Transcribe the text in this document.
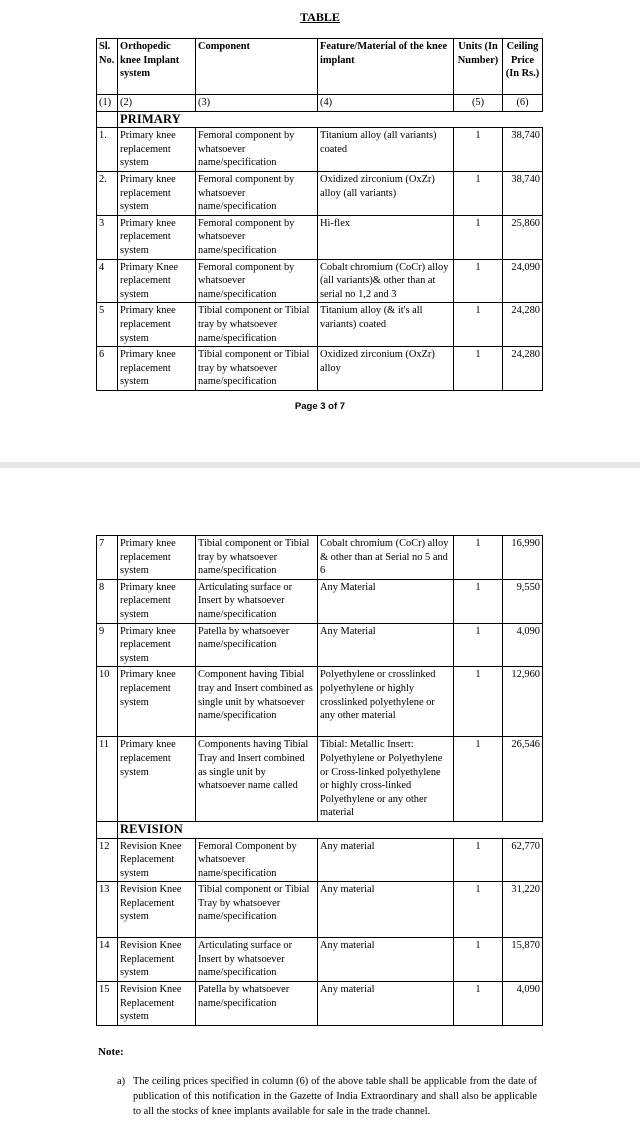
TABLE
Sl. No.	Orthopedic knee Implant system	Component	Feature/Material of the knee implant	Units (In Number)	Ceiling Price (In Rs.)
(1)	(2)	(3)	(4)	(5)	(6)
	PRIMARY				
1.	Primary knee replacement system	Femoral component by whatsoever name/specification	Titanium alloy (all variants) coated	1	38,740
2.	Primary knee replacement system	Femoral component by whatsoever name/specification	Oxidized zirconium (OxZr) alloy (all variants)	1	38,740
3	Primary knee replacement system	Femoral component by whatsoever name/specification	Hi-flex	1	25,860
4	Primary Knee replacement system	Femoral component by whatsoever name/specification	Cobalt chromium (CoCr) alloy (all variants)& other than at serial no 1,2 and 3	1	24,090
5	Primary knee replacement system	Tibial component or Tibial tray by whatsoever name/specification	Titanium alloy (& it's all variants) coated	1	24,280
6	Primary knee replacement system	Tibial component or Tibial tray by whatsoever name/specification	Oxidized zirconium (OxZr) alloy	1	24,280
Page 3 of 7
7	Primary knee replacement system	Tibial component or Tibial tray by whatsoever name/specification	Cobalt chromium (CoCr) alloy & other than at Serial no 5 and 6	1	16,990
8	Primary knee replacement system	Articulating surface or Insert by whatsoever name/specification	Any Material	1	9,550
9	Primary knee replacement system	Patella by whatsoever name/specification	Any Material	1	4,090
10	Primary knee replacement system	Component having Tibial tray and Insert combined as single unit by whatsoever name/specification	Polyethylene or crosslinked polyethylene or highly crosslinked polyethylene or any other material	1	12,960
11	Primary knee replacement system	Components having Tibial Tray and Insert combined as single unit by whatsoever name called	Tibial: Metallic Insert: Polyethylene or Polyethylene or Cross-linked polyethylene or highly cross-linked Polyethylene or any other material	1	26,546
	REVISION				
12	Revision Knee Replacement system	Femoral Component by whatsoever name/specification	Any material	1	62,770
13	Revision Knee Replacement system	Tibial component or Tibial Tray by whatsoever name/specification	Any material	1	31,220
14	Revision Knee Replacement system	Articulating surface or Insert by whatsoever name/specification	Any material	1	15,870
15	Revision Knee Replacement system	Patella by whatsoever name/specification	Any material	1	4,090
Note:
a) The ceiling prices specified in column (6) of the above table shall be applicable from the date of publication of this notification in the Gazette of India Extraordinary and shall also be applicable to all the stocks of knee implants available for sale in the trade channel.
